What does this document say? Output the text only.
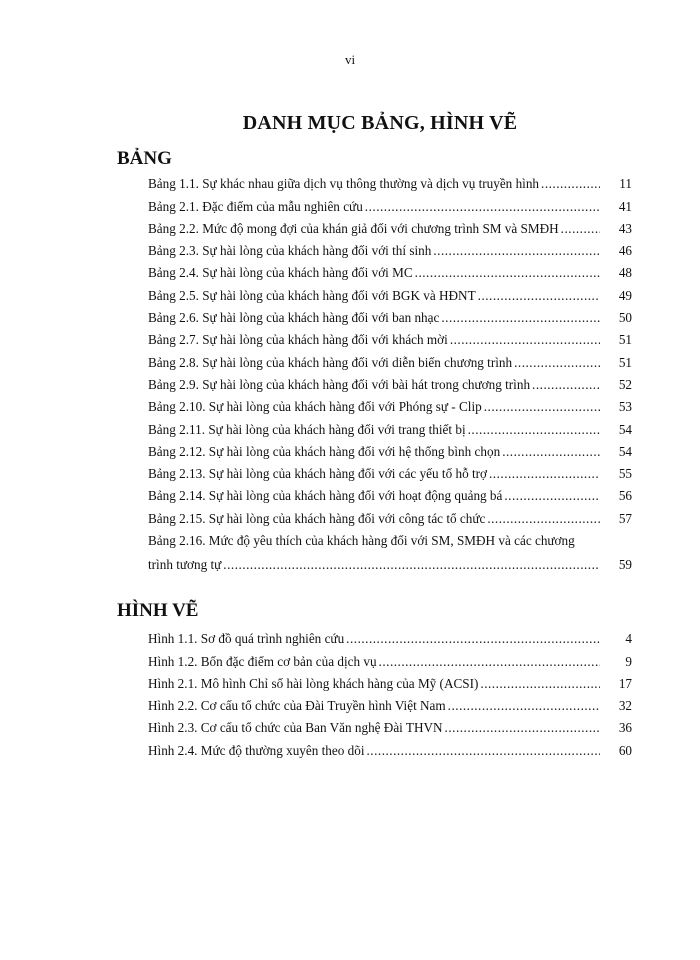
vi
DANH MỤC BẢNG, HÌNH VẼ
BẢNG
Bảng 1.1. Sự khác nhau giữa dịch vụ thông thường và dịch vụ truyền hình .....	11
Bảng 2.1. Đặc điểm của mẫu nghiên cứu .....	41
Bảng 2.2. Mức độ mong đợi của khán giả đối với chương trình SM và SMĐH .....	43
Bảng 2.3. Sự hài lòng của khách hàng đối với thí sinh .....	46
Bảng 2.4. Sự hài lòng của khách hàng đối với MC .....	48
Bảng 2.5. Sự hài lòng của khách hàng đối với BGK và HĐNT .....	49
Bảng 2.6. Sự hài lòng của khách hàng đối với ban nhạc .....	50
Bảng 2.7. Sự hài lòng của khách hàng đối với khách mời .....	51
Bảng 2.8. Sự hài lòng của khách hàng đối với diễn biến chương trình .....	51
Bảng 2.9. Sự hài lòng của khách hàng đối với bài hát trong chương trình .....	52
Bảng 2.10. Sự hài lòng của khách hàng đối với Phóng sự - Clip .....	53
Bảng 2.11. Sự hài lòng của khách hàng đối với trang thiết bị .....	54
Bảng 2.12. Sự hài lòng của khách hàng đối với hệ thống bình chọn .....	54
Bảng 2.13. Sự hài lòng của khách hàng đối với các yếu tố hỗ trợ .....	55
Bảng 2.14. Sự hài lòng của khách hàng đối với hoạt động quảng bá .....	56
Bảng 2.15. Sự hài lòng của khách hàng đối với công tác tổ chức .....	57
Bảng 2.16. Mức độ yêu thích của khách hàng đối với SM, SMĐH và các chương
trình tương tự .....	59
HÌNH VẼ
Hình 1.1. Sơ đồ quá trình nghiên cứu .....	4
Hình 1.2. Bốn đặc điểm cơ bản của dịch vụ .....	9
Hình 2.1. Mô hình Chỉ số hài lòng khách hàng của Mỹ (ACSI) .....	17
Hình 2.2. Cơ cấu tổ chức của Đài Truyền hình Việt Nam .....	32
Hình 2.3. Cơ cấu tổ chức của Ban Văn nghệ Đài THVN .....	36
Hình 2.4. Mức độ thường xuyên theo dõi .....	60
